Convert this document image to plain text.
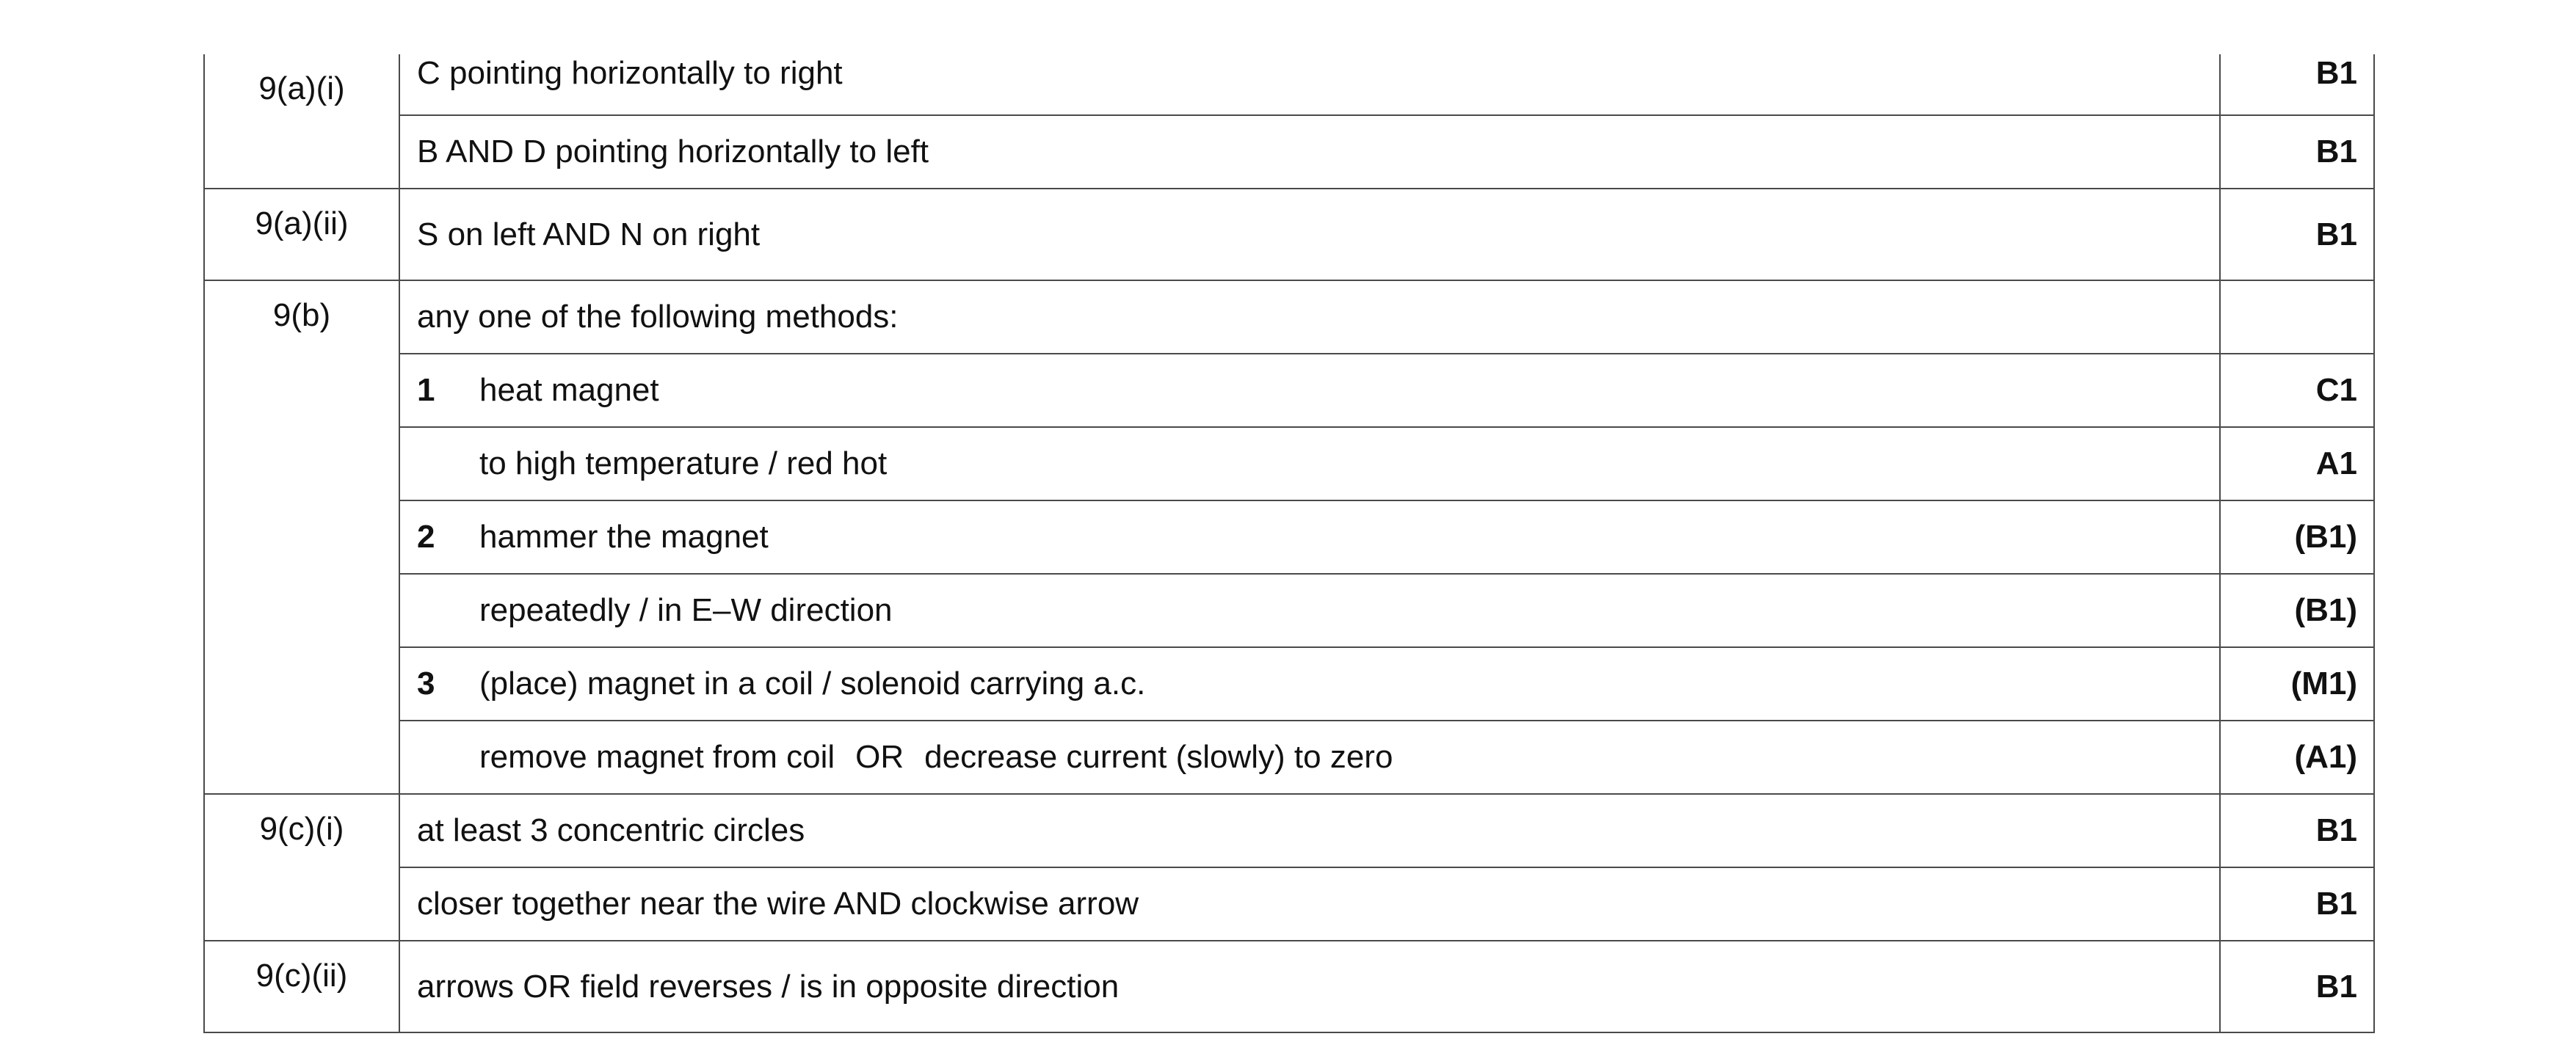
9(a)(i)	C pointing horizontally to right	B1
	B AND D pointing horizontally to left	B1
9(a)(ii)	S on left AND N on right	B1
9(b)	any one of the following methods:	
	1 heat magnet	C1
	to high temperature / red hot	A1
	2 hammer the magnet	(B1)
	repeatedly / in E–W direction	(B1)
	3 (place) magnet in a coil / solenoid carrying a.c.	(M1)
	remove magnet from coil OR decrease current (slowly) to zero	(A1)
9(c)(i)	at least 3 concentric circles	B1
	closer together near the wire AND clockwise arrow	B1
9(c)(ii)	arrows OR field reverses / is in opposite direction	B1
